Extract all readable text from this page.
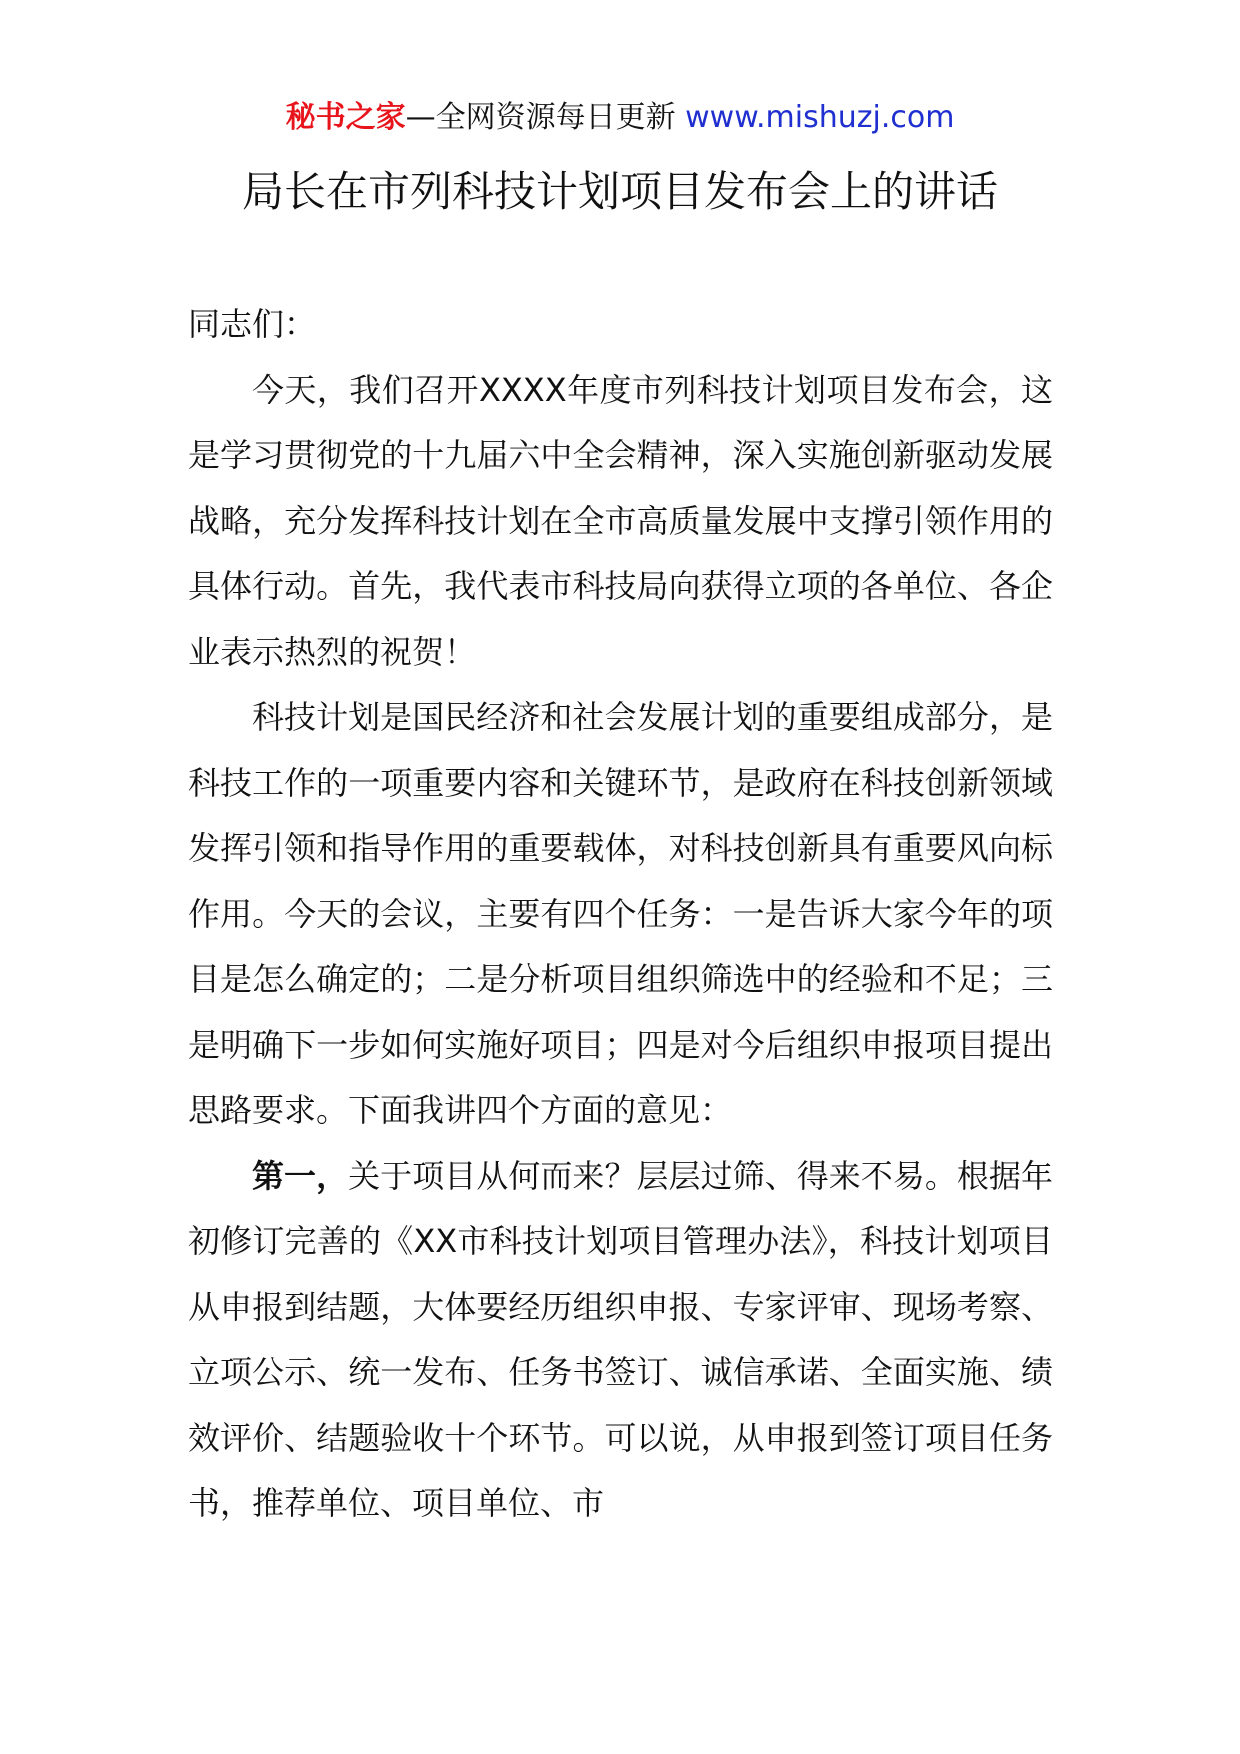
秘书之家—全网资源每日更新 www.mishuzj.com
局长在市列科技计划项目发布会上的讲话

同志们：

今天，我们召开XXXX年度市列科技计划项目发布会，这是学习贯彻党的十九届六中全会精神，深入实施创新驱动发展战略，充分发挥科技计划在全市高质量发展中支撑引领作用的具体行动。首先，我代表市科技局向获得立项的各单位、各企业表示热烈的祝贺！

科技计划是国民经济和社会发展计划的重要组成部分，是科技工作的一项重要内容和关键环节，是政府在科技创新领域发挥引领和指导作用的重要载体，对科技创新具有重要风向标作用。今天的会议，主要有四个任务：一是告诉大家今年的项目是怎么确定的；二是分析项目组织筛选中的经验和不足；三是明确下一步如何实施好项目；四是对今后组织申报项目提出思路要求。下面我讲四个方面的意见：

第一，关于项目从何而来？层层过筛、得来不易。根据年初修订完善的《XX市科技计划项目管理办法》，科技计划项目从申报到结题，大体要经历组织申报、专家评审、现场考察、立项公示、统一发布、任务书签订、诚信承诺、全面实施、绩效评价、结题验收十个环节。可以说，从申报到签订项目任务书，推荐单位、项目单位、市
